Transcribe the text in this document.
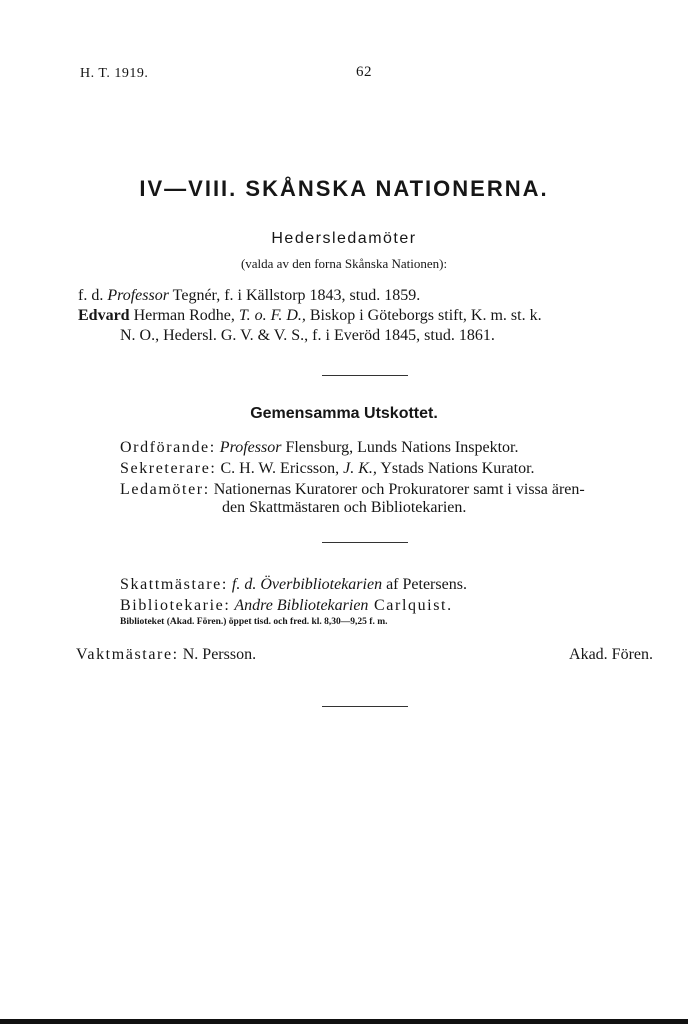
H. T. 1919.	62
IV—VIII. SKÅNSKA NATIONERNA.
Hedersledamöter
(valda av den forna Skånska Nationen):
f. d. Professor Tegnér, f. i Källstorp 1843, stud. 1859.
Edvard Herman Rodhe, T. o. F. D., Biskop i Göteborgs stift, K. m. st. k.
N. O., Hedersl. G. V. & V. S., f. i Everöd 1845, stud. 1861.
Gemensamma Utskottet.
Ordförande: Professor Flensburg, Lunds Nations Inspektor.
Sekreterare: C. H. W. Ericsson, J. K., Ystads Nations Kurator.
Ledamöter: Nationernas Kuratorer och Prokuratorer samt i vissa ären-
den Skattmästaren och Bibliotekarien.
Skattmästare: f. d. Överbibliotekarien af Petersens.
Bibliotekarie: Andre Bibliotekarien Carlquist.
Biblioteket (Akad. Fören.) öppet tisd. och fred. kl. 8,30—9,25 f. m.
Vaktmästare: N. Persson.	Akad. Fören.
